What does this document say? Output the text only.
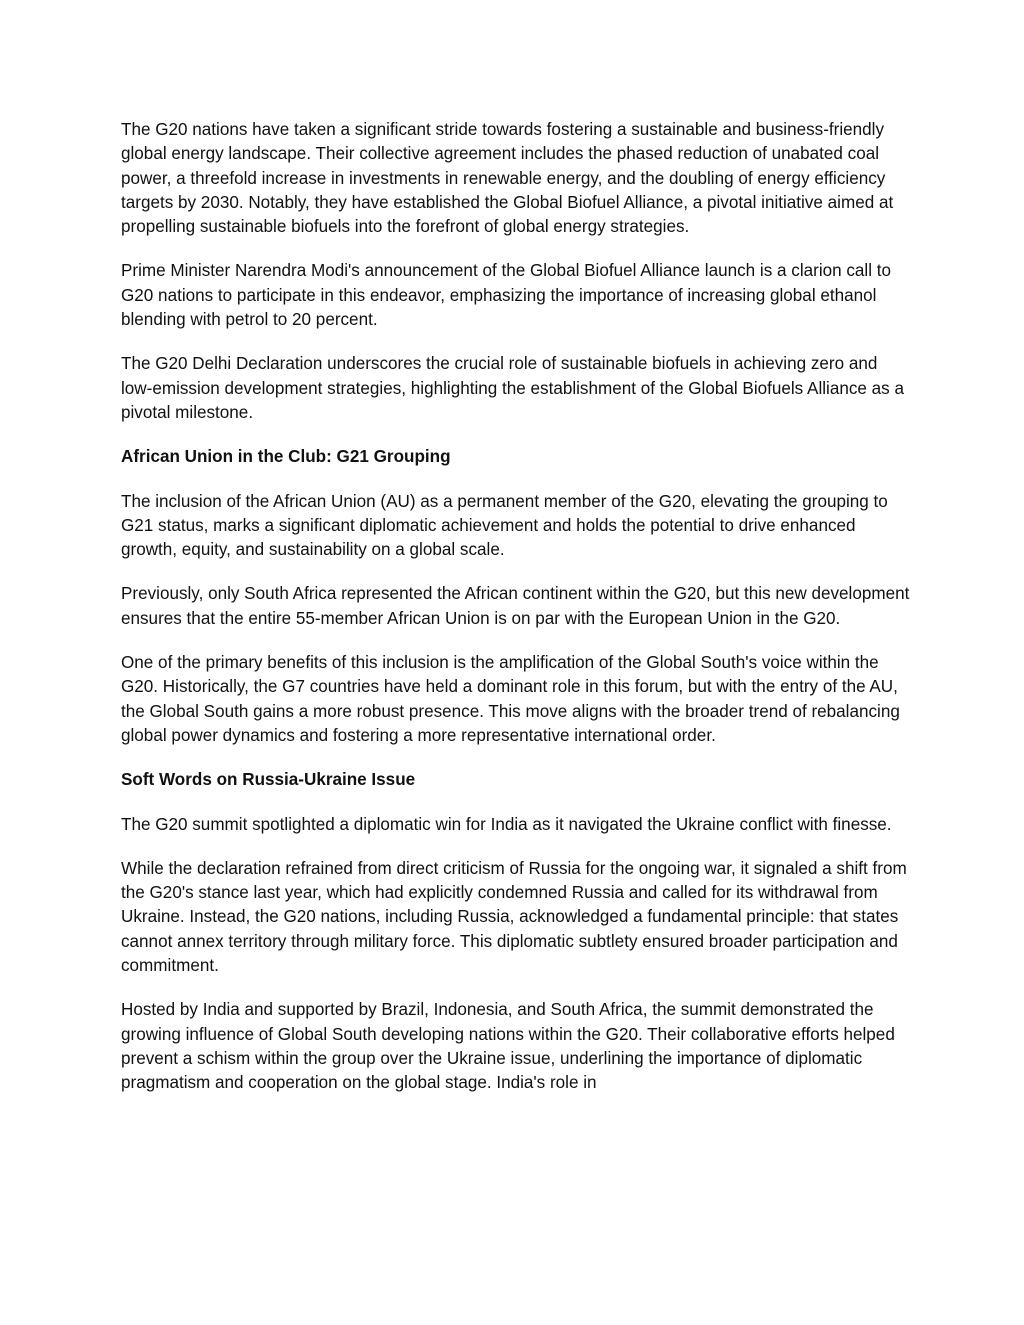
The G20 nations have taken a significant stride towards fostering a sustainable and business-friendly global energy landscape. Their collective agreement includes the phased reduction of unabated coal power, a threefold increase in investments in renewable energy, and the doubling of energy efficiency targets by 2030. Notably, they have established the Global Biofuel Alliance, a pivotal initiative aimed at propelling sustainable biofuels into the forefront of global energy strategies.

Prime Minister Narendra Modi's announcement of the Global Biofuel Alliance launch is a clarion call to G20 nations to participate in this endeavor, emphasizing the importance of increasing global ethanol blending with petrol to 20 percent.

The G20 Delhi Declaration underscores the crucial role of sustainable biofuels in achieving zero and low-emission development strategies, highlighting the establishment of the Global Biofuels Alliance as a pivotal milestone.

African Union in the Club: G21 Grouping

The inclusion of the African Union (AU) as a permanent member of the G20, elevating the grouping to G21 status, marks a significant diplomatic achievement and holds the potential to drive enhanced growth, equity, and sustainability on a global scale.

Previously, only South Africa represented the African continent within the G20, but this new development ensures that the entire 55-member African Union is on par with the European Union in the G20.

One of the primary benefits of this inclusion is the amplification of the Global South's voice within the G20. Historically, the G7 countries have held a dominant role in this forum, but with the entry of the AU, the Global South gains a more robust presence. This move aligns with the broader trend of rebalancing global power dynamics and fostering a more representative international order.

Soft Words on Russia-Ukraine Issue

The G20 summit spotlighted a diplomatic win for India as it navigated the Ukraine conflict with finesse.

While the declaration refrained from direct criticism of Russia for the ongoing war, it signaled a shift from the G20's stance last year, which had explicitly condemned Russia and called for its withdrawal from Ukraine. Instead, the G20 nations, including Russia, acknowledged a fundamental principle: that states cannot annex territory through military force. This diplomatic subtlety ensured broader participation and commitment.

Hosted by India and supported by Brazil, Indonesia, and South Africa, the summit demonstrated the growing influence of Global South developing nations within the G20. Their collaborative efforts helped prevent a schism within the group over the Ukraine issue, underlining the importance of diplomatic pragmatism and cooperation on the global stage. India's role in
